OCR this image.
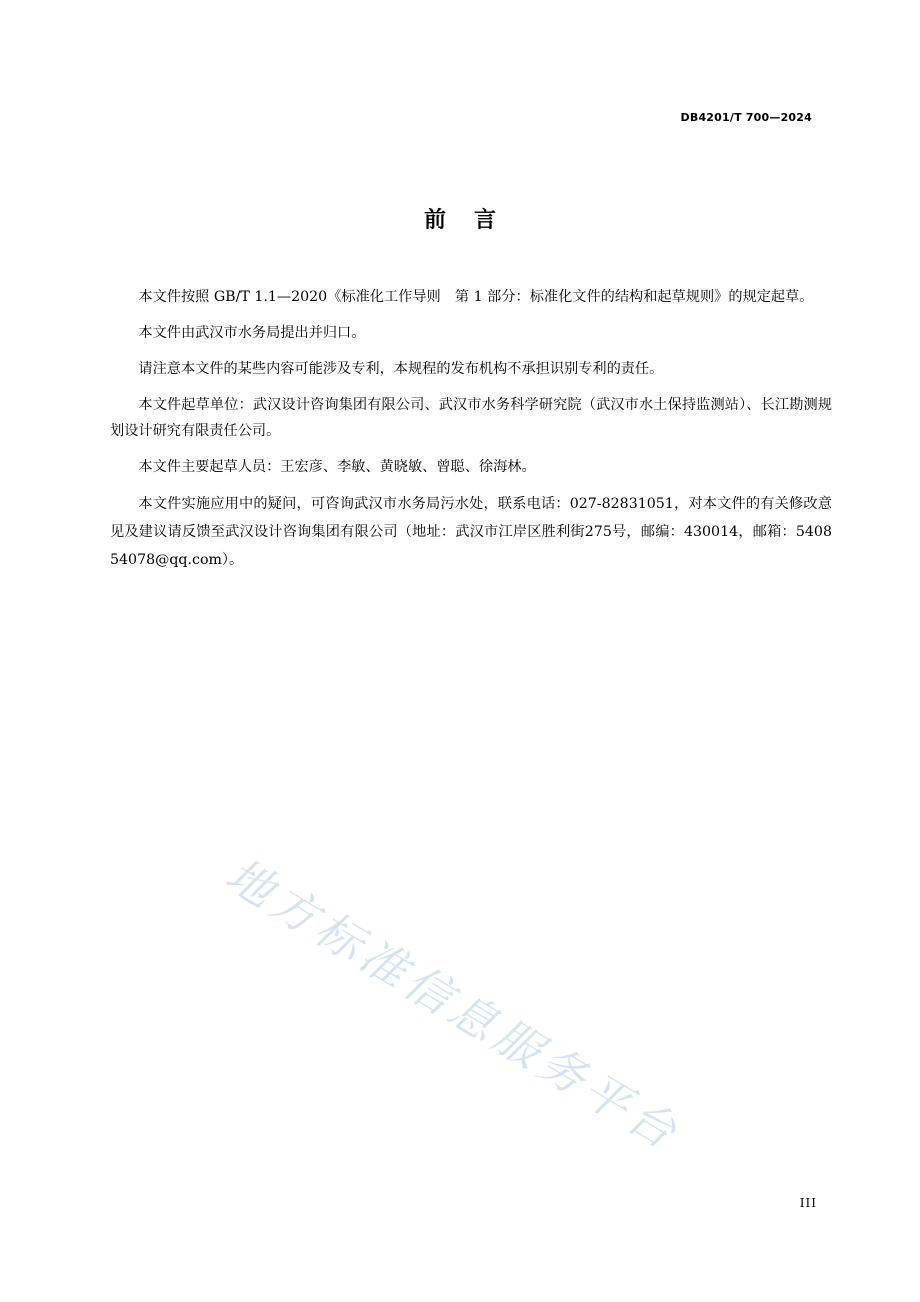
DB4201/T 700—2024
前 言

本文件按照 GB/T 1.1—2020《标准化工作导则　第 1 部分：标准化文件的结构和起草规则》的规定起草。

本文件由武汉市水务局提出并归口。

请注意本文件的某些内容可能涉及专利，本规程的发布机构不承担识别专利的责任。

本文件起草单位：武汉设计咨询集团有限公司、武汉市水务科学研究院（武汉市水土保持监测站）、长江勘测规划设计研究有限责任公司。

本文件主要起草人员：王宏彦、李敏、黄晓敏、曾聪、徐海林。

本文件实施应用中的疑问，可咨询武汉市水务局污水处，联系电话：027-82831051，对本文件的有关修改意见及建议请反馈至武汉设计咨询集团有限公司（地址：武汉市江岸区胜利街275号，邮编：430014，邮箱：540854078@qq.com）。

地方标准信息服务平台
III
